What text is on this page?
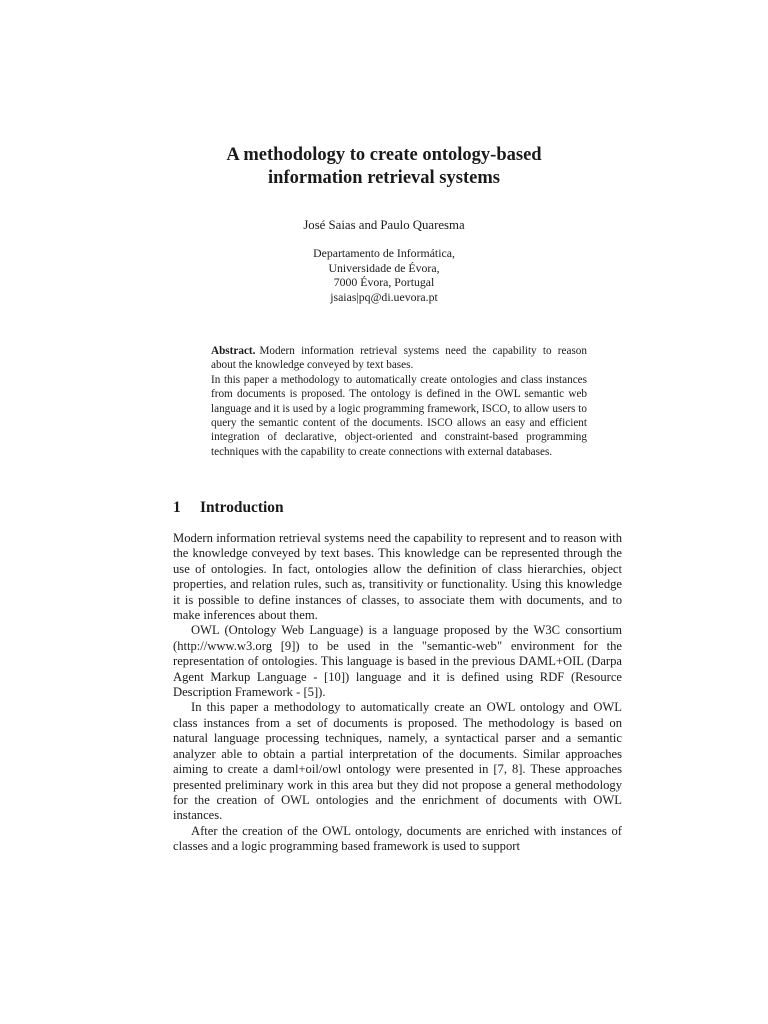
A methodology to create ontology-based
information retrieval systems
José Saias and Paulo Quaresma
Departamento de Informática,
Universidade de Évora,
7000 Évora, Portugal
jsaias|pq@di.uevora.pt

Abstract. Modern information retrieval systems need the capability to reason about the knowledge conveyed by text bases.

In this paper a methodology to automatically create ontologies and class instances from documents is proposed. The ontology is defined in the OWL semantic web language and it is used by a logic programming framework, ISCO, to allow users to query the semantic content of the documents. ISCO allows an easy and efficient integration of declarative, object-oriented and constraint-based programming techniques with the capability to create connections with external databases.

1 Introduction

Modern information retrieval systems need the capability to represent and to reason with the knowledge conveyed by text bases. This knowledge can be represented through the use of ontologies. In fact, ontologies allow the definition of class hierarchies, object properties, and relation rules, such as, transitivity or functionality. Using this knowledge it is possible to define instances of classes, to associate them with documents, and to make inferences about them.

OWL (Ontology Web Language) is a language proposed by the W3C consortium (http://www.w3.org [9]) to be used in the "semantic-web" environment for the representation of ontologies. This language is based in the previous DAML+OIL (Darpa Agent Markup Language - [10]) language and it is defined using RDF (Resource Description Framework - [5]).

In this paper a methodology to automatically create an OWL ontology and OWL class instances from a set of documents is proposed. The methodology is based on natural language processing techniques, namely, a syntactical parser and a semantic analyzer able to obtain a partial interpretation of the documents. Similar approaches aiming to create a daml+oil/owl ontology were presented in [7, 8]. These approaches presented preliminary work in this area but they did not propose a general methodology for the creation of OWL ontologies and the enrichment of documents with OWL instances.

After the creation of the OWL ontology, documents are enriched with instances of classes and a logic programming based framework is used to support
